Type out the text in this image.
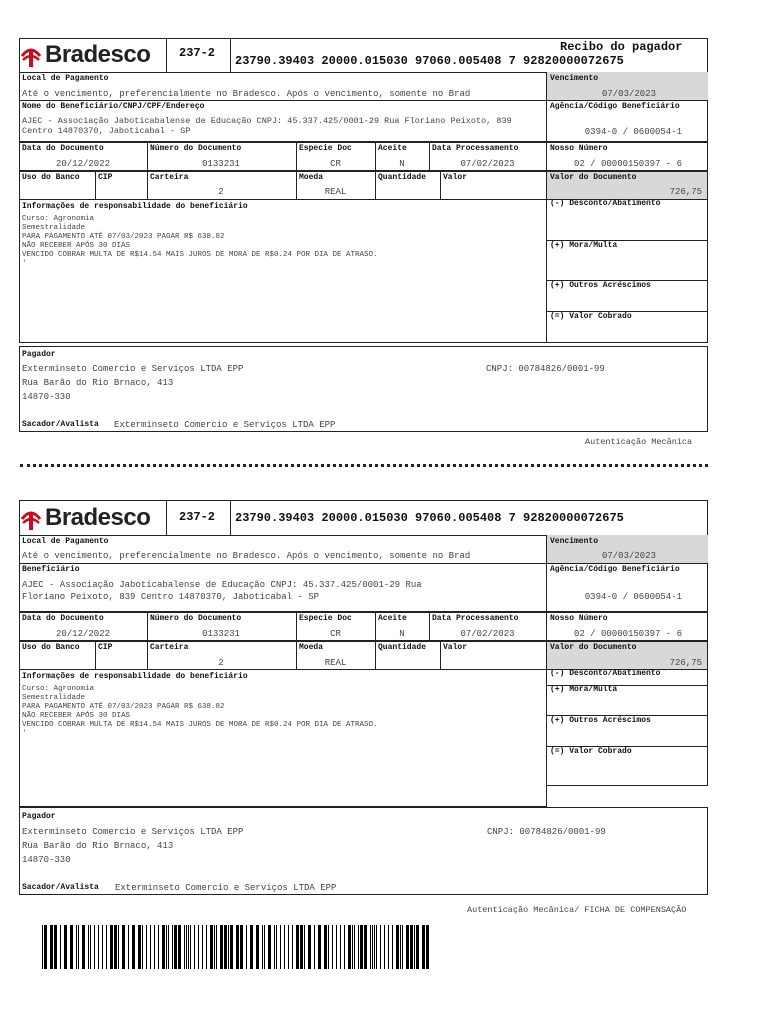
Bradesco 237-2
23790.39403 20000.015030 97060.005408 7 92820000072675
Recibo do pagador
Local de Pagamento
Até o vencimento, preferencialmente no Bradesco. Após o vencimento, somente no Brad
Vencimento
07/03/2023
Nome do Beneficiário/CNPJ/CPF/Endereço
AJEC - Associação Jaboticabalense de Educação CNPJ: 45.337.425/0001-29 Rua Floriano Peixoto, 839
Centro 14870370, Jaboticabal - SP
Agência/Código Beneficiário
0394-0 / 0600054-1
Data do Documento
20/12/2022
Número do Documento
0133231
Especie Doc
CR
Aceite
N
Data Processamento
07/02/2023
Nosso Número
02 / 00000150397 - 6
Uso do Banco CIP	Carteira
2
Moeda
REAL
Quantidade Valor	Valor do Documento
726,75
Informações de responsabilidade do beneficiário
Curso: Agronomia
Semestralidade
PARA PAGAMENTO ATÉ 07/03/2023 PAGAR R$ 638.82
NÃO RECEBER APÓS 30 DIAS
VENCIDO COBRAR MULTA DE R$14.54 MAIS JUROS DE MORA DE R$0.24 POR DIA DE ATRASO.
'
(-) Desconto/Abatimento
(+) Mora/Multa
(+) Outros Acréscimos
(=) Valor Cobrado
Pagador
Exterminseto Comercio e Serviços LTDA EPP	CNPJ: 00784826/0001-99
Rua Barão do Rio Brnaco, 413
14870-330
Sacador/Avalista Exterminseto Comercio e Serviços LTDA EPP
Autenticação Mecânica
Bradesco 237-2 23790.39403 20000.015030 97060.005408 7 92820000072675
Local de Pagamento
Até o vencimento, preferencialmente no Bradesco. Após o vencimento, somente no Brad
Vencimento
07/03/2023
Beneficiário
AJEC - Associação Jaboticabalense de Educação CNPJ: 45.337.425/0001-29 Rua
Floriano Peixoto, 839 Centro 14870370, Jaboticabal - SP
Agência/Código Beneficiário
0394-0 / 0600054-1
Data do Documento
20/12/2022
Número do Documento
0133231
Especie Doc
CR
Aceite
N
Data Processamento
07/02/2023
Nosso Número
02 / 00000150397 - 6
Uso do Banco CIP	Carteira
2
Moeda
REAL
Quantidade Valor	Valor do Documento
726,75
Informações de responsabilidade do beneficiário
Curso: Agronomia
Semestralidade
PARA PAGAMENTO ATÉ 07/03/2023 PAGAR R$ 638.82
NÃO RECEBER APÓS 30 DIAS
VENCIDO COBRAR MULTA DE R$14.54 MAIS JUROS DE MORA DE R$0.24 POR DIA DE ATRASO.
'
(-) Desconto/Abatimento
(+) Mora/Multa
(+) Outros Acréscimos
(=) Valor Cobrado
Pagador
Exterminseto Comercio e Serviços LTDA EPP	CNPJ: 00784826/0001-99
Rua Barão do Rio Brnaco, 413
14870-330
Sacador/Avalista Exterminseto Comercio e Serviços LTDA EPP
Autenticação Mecânica/ FICHA DE COMPENSAÇÃO
